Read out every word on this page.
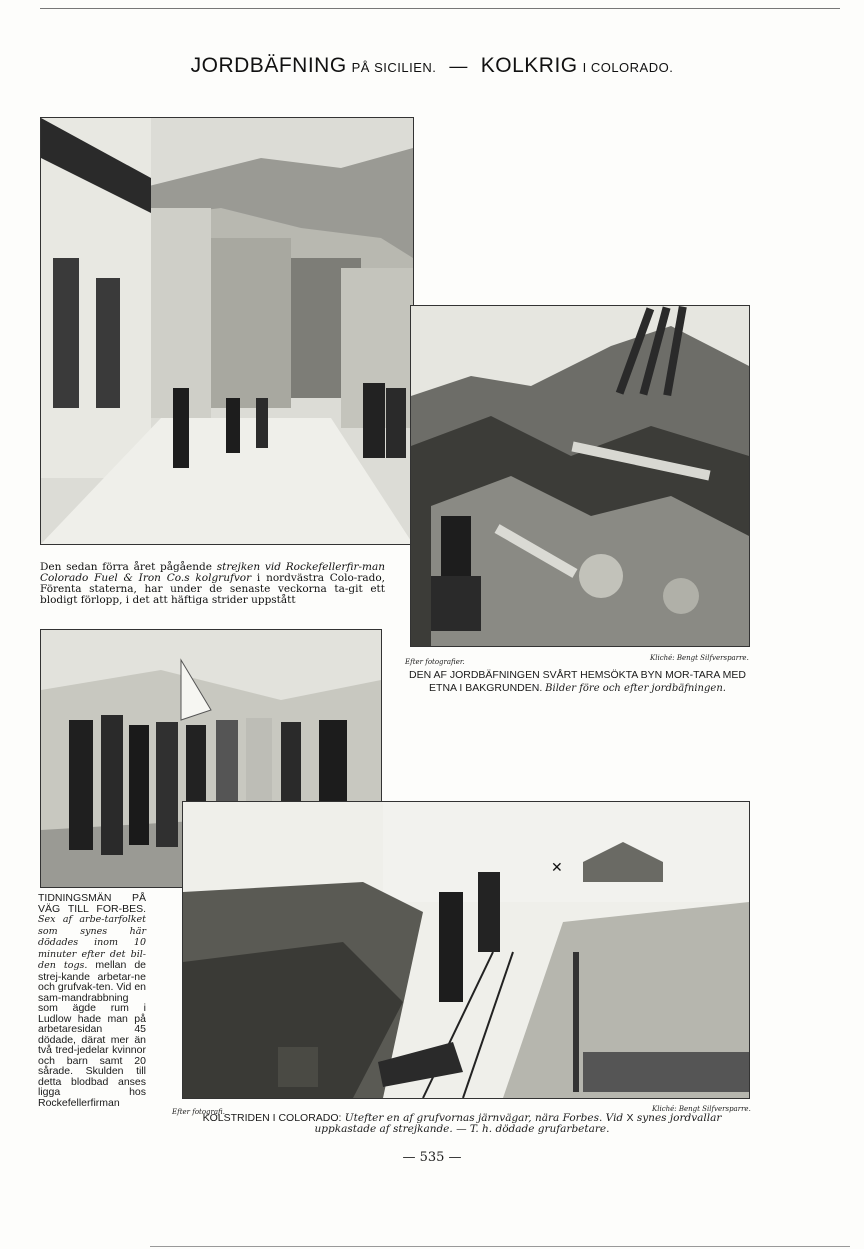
JORDBÄFNING PÅ SICILIEN. — KOLKRIG I COLORADO.
Efter fotografier.	Kliché: Bengt Silfversparre.
DEN AF JORDBÄFNINGEN SVÅRT HEMSÖKTA BYN MOR-TARA MED ETNA I BAKGRUNDEN. Bilder före och efter jordbäfningen.
Den sedan förra året pågående strejken vid Rockefellerfir-man Colorado Fuel & Iron Co.s kolgrufvor i nordvästra Colo-rado, Förenta staterna, har under de senaste veckorna ta-git ett blodigt förlopp, i det att häftiga strider uppstått
TIDNINGSMÄN PÅ VÄG TILL FOR-BES. Sex af arbe-tarfolket som synes här dödades inom 10 minuter efter det bil-den togs. mellan de strej-kande arbetar-ne och grufvak-ten. Vid en sam-mandrabbning som ägde rum i Ludlow hade man på arbetaresidan 45 dödade, därat mer än två tred-jedelar kvinnor och barn samt 20 sårade. Skulden till detta blodbad anses ligga hos Rockefellerfirman
✕
Efter fotografi.	Kliché: Bengt Silfversparre.
KOLSTRIDEN I COLORADO: Utefter en af grufvornas järnvägar, nära Forbes. Vid X synes jordvallar uppkastade af strejkande. — T. h. dödade grufarbetare.
— 535 —
